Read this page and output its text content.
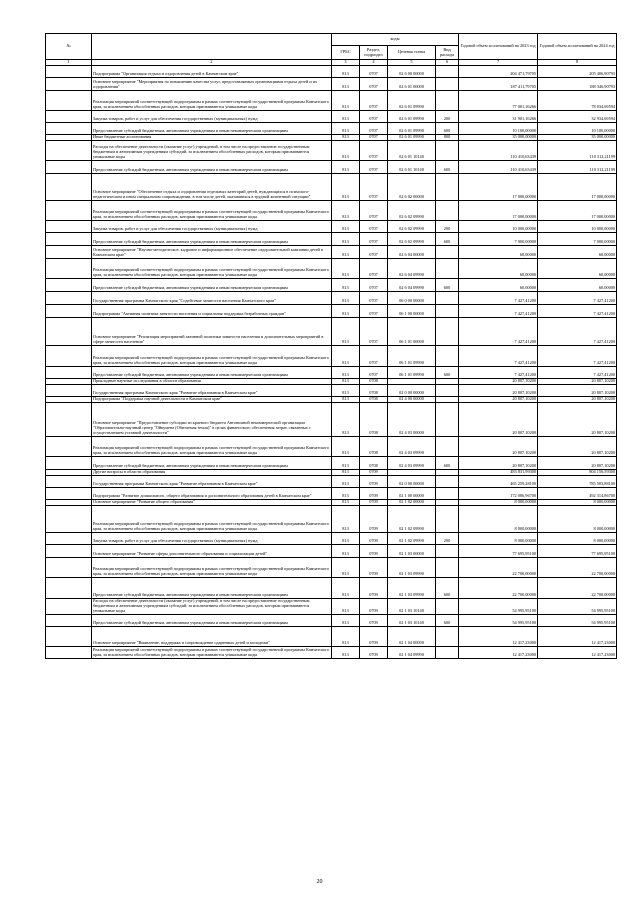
№		коды				Годовой объем ассигнований на 2023 год	Годовой объем ассигнований на 2024 год
		ГРБС	Раздел, подраздел	Целевая статья	Вид расхода		
1	2	3	4	5	6	7	8
	Подпрограмма "Организация отдыха и оздоровления детей в Камчатском крае"	813	0707	02 6 00 00000		204 471,79705	205 406,90793
	Основное мероприятие "Мероприятия по повышению качества услуг, предоставляемых организациями отдыха детей и их оздоровления"	813	0707	02 6 01 00000		187 411,79705	188 346,90793
	Реализация мероприятий соответствующей подпрограммы в рамках соответствующей государственной программы Камчатского края, за исключением обособленных расходов, которым присваиваются уникальные коды	813	0707	02 6 01 09990		77 001,16266	78 034,69594
	Закупка товаров, работ и услуг для обеспечения государственных (муниципальных) нужд	813	0707	02 6 01 09990	200	31 901,16266	32 934,69594
	Предоставление субсидий бюджетным, автономным учреждениям и иным некоммерческим организациям	813	0707	02 6 01 09990	600	10 100,00000	10 100,00000
	Иные бюджетные ассигнования	813	0707	02 6 01 09990	800	35 000,00000	35 000,00000
	Расходы на обеспечение деятельности (оказание услуг) учреждений, в том числе на предоставление государственным бюджетным и автономным учреждениям субсидий, за исключением обособленных расходов, которым присваиваются уникальные коды	813	0707	02 6 01 10140		110 410,63439	110 312,21199
	Предоставление субсидий бюджетным, автономным учреждениям и иным некоммерческим организациям	813	0707	02 6 01 10140	600	110 410,63439	110 312,21199
	Основное мероприятие "Обеспечение отдыха и оздоровления отдельных категорий детей, нуждающихся в психолого-педагогическом и ином специальном сопровождении, в том числе детей, оказавшихся в трудной жизненной ситуации"	813	0707	02 6 02 00000		17 000,00000	17 000,00000
	Реализация мероприятий соответствующей подпрограммы в рамках соответствующей государственной программы Камчатского края, за исключением обособленных расходов, которым присваиваются уникальные коды	813	0707	02 6 02 09990		17 000,00000	17 000,00000
	Закупка товаров, работ и услуг для обеспечения государственных (муниципальных) нужд	813	0707	02 6 02 09990	200	10 000,00000	10 000,00000
	Предоставление субсидий бюджетным, автономным учреждениям и иным некоммерческим организациям	813	0707	02 6 02 09990	600	7 000,00000	7 000,00000
	Основное мероприятие "Научно-методическое, кадровое и информационное обеспечение оздоровительной кампании детей в Камчатском крае"	813	0707	02 6 04 00000		60,00000	60,00000
	Реализация мероприятий соответствующей подпрограммы в рамках соответствующей государственной программы Камчатского края, за исключением обособленных расходов, которым присваиваются уникальные коды	813	0707	02 6 04 09990		60,00000	60,00000
	Предоставление субсидий бюджетным, автономным учреждениям и иным некоммерческим организациям	813	0707	02 6 04 09990	600	60,00000	60,00000
	Государственная программа Камчатского края "Содействие занятости населения Камчатского края"	813	0707	06 0 00 00000		7 427,41200	7 427,41200
	Подпрограмма "Активная политика занятости населения и социальная поддержка безработных граждан"	813	0707	06 1 00 00000		7 427,41200	7 427,41200
	Основное мероприятие "Реализация мероприятий активной политики занятости населения и дополнительных мероприятий в сфере занятости населения"	813	0707	06 1 01 00000		7 427,41200	7 427,41200
	Реализация мероприятий соответствующей подпрограммы в рамках соответствующей государственной программы Камчатского края, за исключением обособленных расходов, которым присваиваются уникальные коды	813	0707	06 1 01 09990		7 427,41200	7 427,41200
	Предоставление субсидий бюджетным, автономным учреждениям и иным некоммерческим организациям	813	0707	06 1 01 09990	600	7 427,41200	7 427,41200
	Прикладные научные исследования в области образования	813	0708			20 807,10200	20 807,10200
	Государственная программа Камчатского края "Развитие образования в Камчатском крае"	813	0708	02 0 00 00000		20 807,10200	20 807,10200
	Подпрограмма "Поддержка научной деятельности в Камчатском крае"	813	0708	02 4 00 00000		20 807,10200	20 807,10200
	Основное мероприятие "Предоставление субсидии из краевого бюджета Автономной некоммерческой организации "Образовательно-научный центр "Ойкумена (Обитаемая земля)" в целях финансового обеспечения затрат, связанных с осуществлением уставной деятельности"	813	0708	02 4 03 00000		20 807,10200	20 807,10200
	Реализация мероприятий соответствующей подпрограммы в рамках соответствующей государственной программы Камчатского края, за исключением обособленных расходов, которым присваиваются уникальные коды	813	0708	02 4 03 09990		20 807,10200	20 807,10200
	Предоставление субсидий бюджетным, автономным учреждениям и иным некоммерческим организациям	813	0708	02 4 03 09990	600	20 807,10200	20 807,10200
	Другие вопросы в области образования	813	0709			483 831,99300	804 156,59300
	Государственная программа Камчатского края "Развитие образования в Камчатском крае"	813	0709	02 0 00 00000		465 259,28100	785 583,88100
	Подпрограмма "Развитие дошкольного, общего образования и дополнительного образования детей в Камчатском крае"	813	0709	02 1 00 00000		172 086,96700	492 314,86700
	Основное мероприятие "Развитие общего образования"	813	0709	02 1 02 00000		8 000,00000	8 000,00000
	Реализация мероприятий соответствующей подпрограммы в рамках соответствующей государственной программы Камчатского края, за исключением обособленных расходов, которым присваиваются уникальные коды	813	0709	02 1 02 09990		8 000,00000	8 000,00000
	Закупка товаров, работ и услуг для обеспечения государственных (муниципальных) нужд	813	0709	02 1 02 09990	200	8 000,00000	8 000,00000
	Основное мероприятие "Развитие сферы дополнительного образования и социализации детей"	813	0709	02 1 03 00000		77 695,95100	77 695,95100
	Реализация мероприятий соответствующей подпрограммы в рамках соответствующей государственной программы Камчатского края, за исключением обособленных расходов, которым присваиваются уникальные коды	813	0709	02 1 03 09990		22 700,00000	22 700,00000
	Предоставление субсидий бюджетным, автономным учреждениям и иным некоммерческим организациям	813	0709	02 1 03 09990	600	22 700,00000	22 700,00000
	Расходы на обеспечение деятельности (оказание услуг) учреждений, в том числе на предоставление государственным бюджетным и автономным учреждениям субсидий, за исключением обособленных расходов, которым присваиваются уникальные коды	813	0709	02 1 03 10140		54 995,95100	54 995,95100
	Предоставление субсидий бюджетным, автономным учреждениям и иным некоммерческим организациям	813	0709	02 1 03 10140	600	54 995,95100	54 995,95100
	Основное мероприятие "Выявление, поддержка и сопровождение одаренных детей и молодежи"	813	0709	02 1 04 00000		12 417,23000	12 417,23000
	Реализация мероприятий соответствующей подпрограммы в рамках соответствующей государственной программы Камчатского края, за исключением обособленных расходов, которым присваиваются уникальные коды	813	0709	02 1 04 09990		12 417,23000	12 417,23000
20
